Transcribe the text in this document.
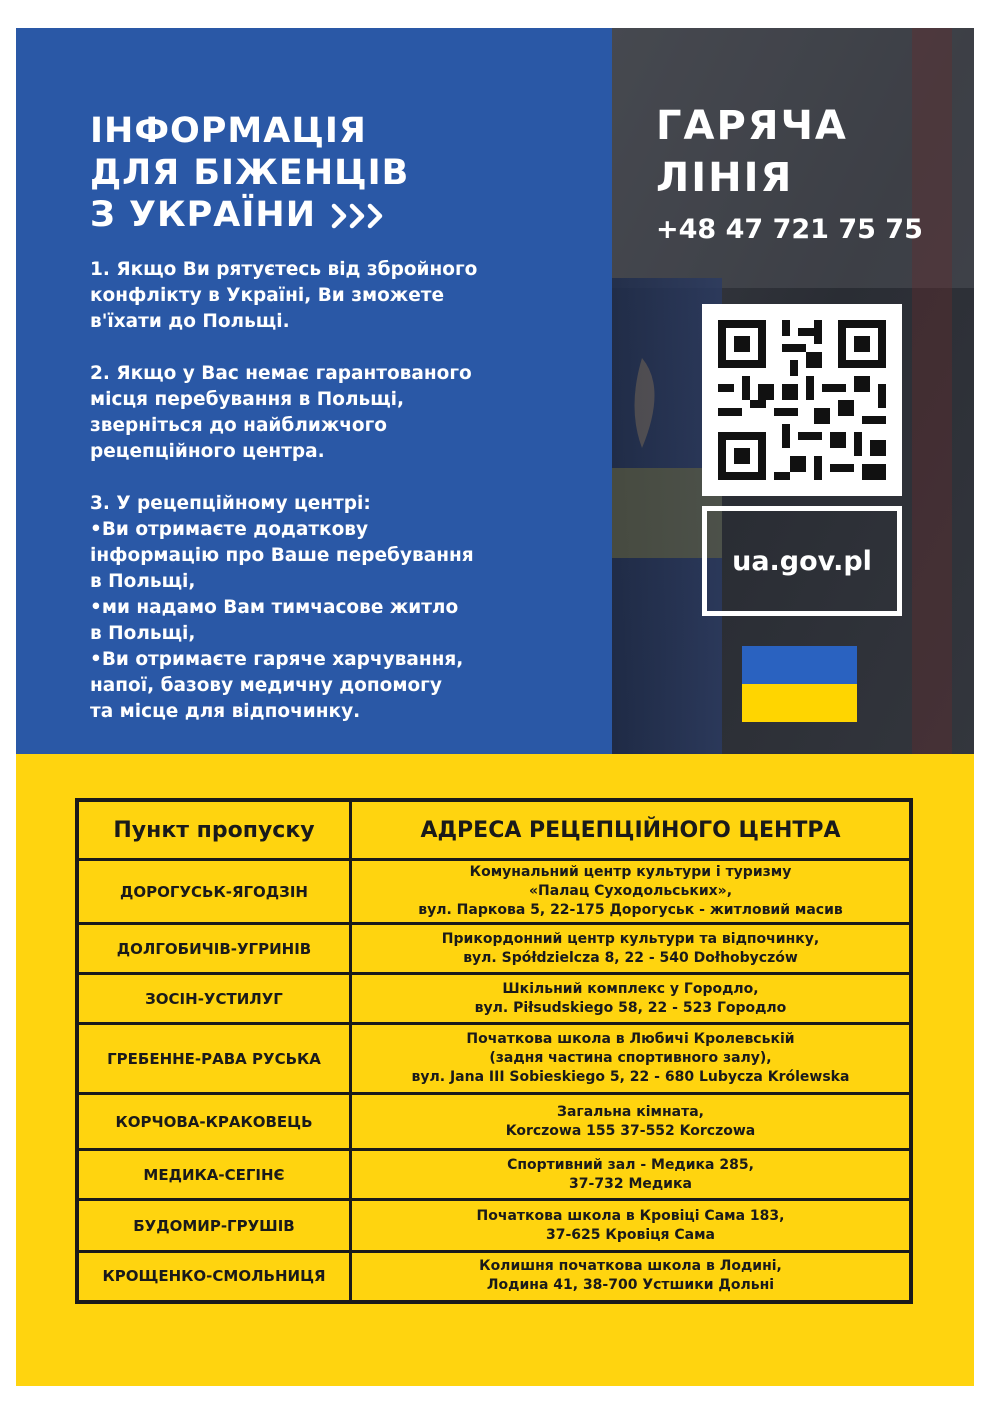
ІНФОРМАЦІЯ
ДЛЯ БІЖЕНЦІВ
З УКРАЇНИ

1. Якщо Ви рятуєтесь від збройного
конфлікту в Україні, Ви зможете
в'їхати до Польщі.

2. Якщо у Вас немає гарантованого
місця перебування в Польщі,
зверніться до найближчого
рецепційного центра.

3. У рецепційному центрі:
•Ви отримаєте додаткову
інформацію про Ваше перебування
в Польщі,
•ми надамо Вам тимчасове житло
в Польщі,
•Ви отримаєте гаряче харчування,
напої, базову медичну допомогу
та місце для відпочинку.

ГАРЯЧА
ЛІНІЯ
+48 47 721 75 75
ua.gov.pl
Пункт пропуску	АДРЕСА РЕЦЕПЦІЙНОГО ЦЕНТРА
ДОРОГУСЬК-ЯГОДЗІН	Комунальний центр культури і туризму
«Палац Суходольських»,
вул. Паркова 5, 22-175 Дорогуськ - житловий масив

ДОЛГОБИЧІВ-УГРИНІВ	Прикордонний центр культури та відпочинку,
вул. Spółdzielcza 8, 22 - 540 Dołhobyczów

ЗОСІН-УСТИЛУГ	Шкільний комплекс у Городло,
вул. Piłsudskiego 58, 22 - 523 Городло

ГРЕБЕННЕ-РАВА РУСЬКА	Початкова школа в Любичі Кролевській
(задня частина спортивного залу),
вул. Jana III Sobieskiego 5, 22 - 680 Lubycza Królewska

КОРЧОВА-КРАКОВЕЦЬ	Загальна кімната,
Korczowa 155 37-552 Korczowa

МЕДИКА-СЕГІНЄ	Спортивний зал - Медика 285,
37-732 Медика

БУДОМИР-ГРУШІВ	Початкова школа в Кровіці Сама 183,
37-625 Кровіця Сама

КРОЩЕНКО-СМОЛЬНИЦЯ	Колишня початкова школа в Лодині,
Лодина 41, 38-700 Устшики Дольні
